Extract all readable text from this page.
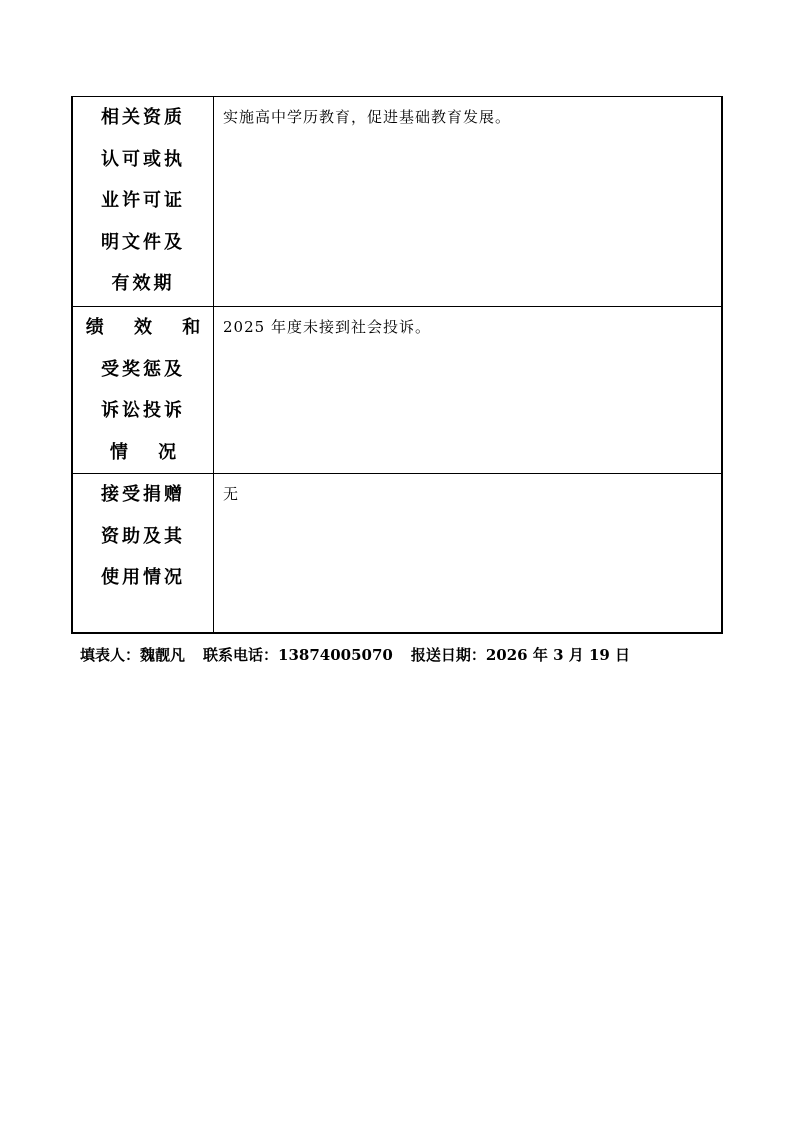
相关资质
认可或执
业许可证
明文件及
有效期	实施高中学历教育，促进基础教育发展。

绩 效 和
受奖惩及
诉讼投诉
情 况	2025 年度未接到社会投诉。

接受捐赠
资助及其
使用情况	无
填表人：魏靓凡 联系电话：13874005070 报送日期：2026 年 3 月 19 日
